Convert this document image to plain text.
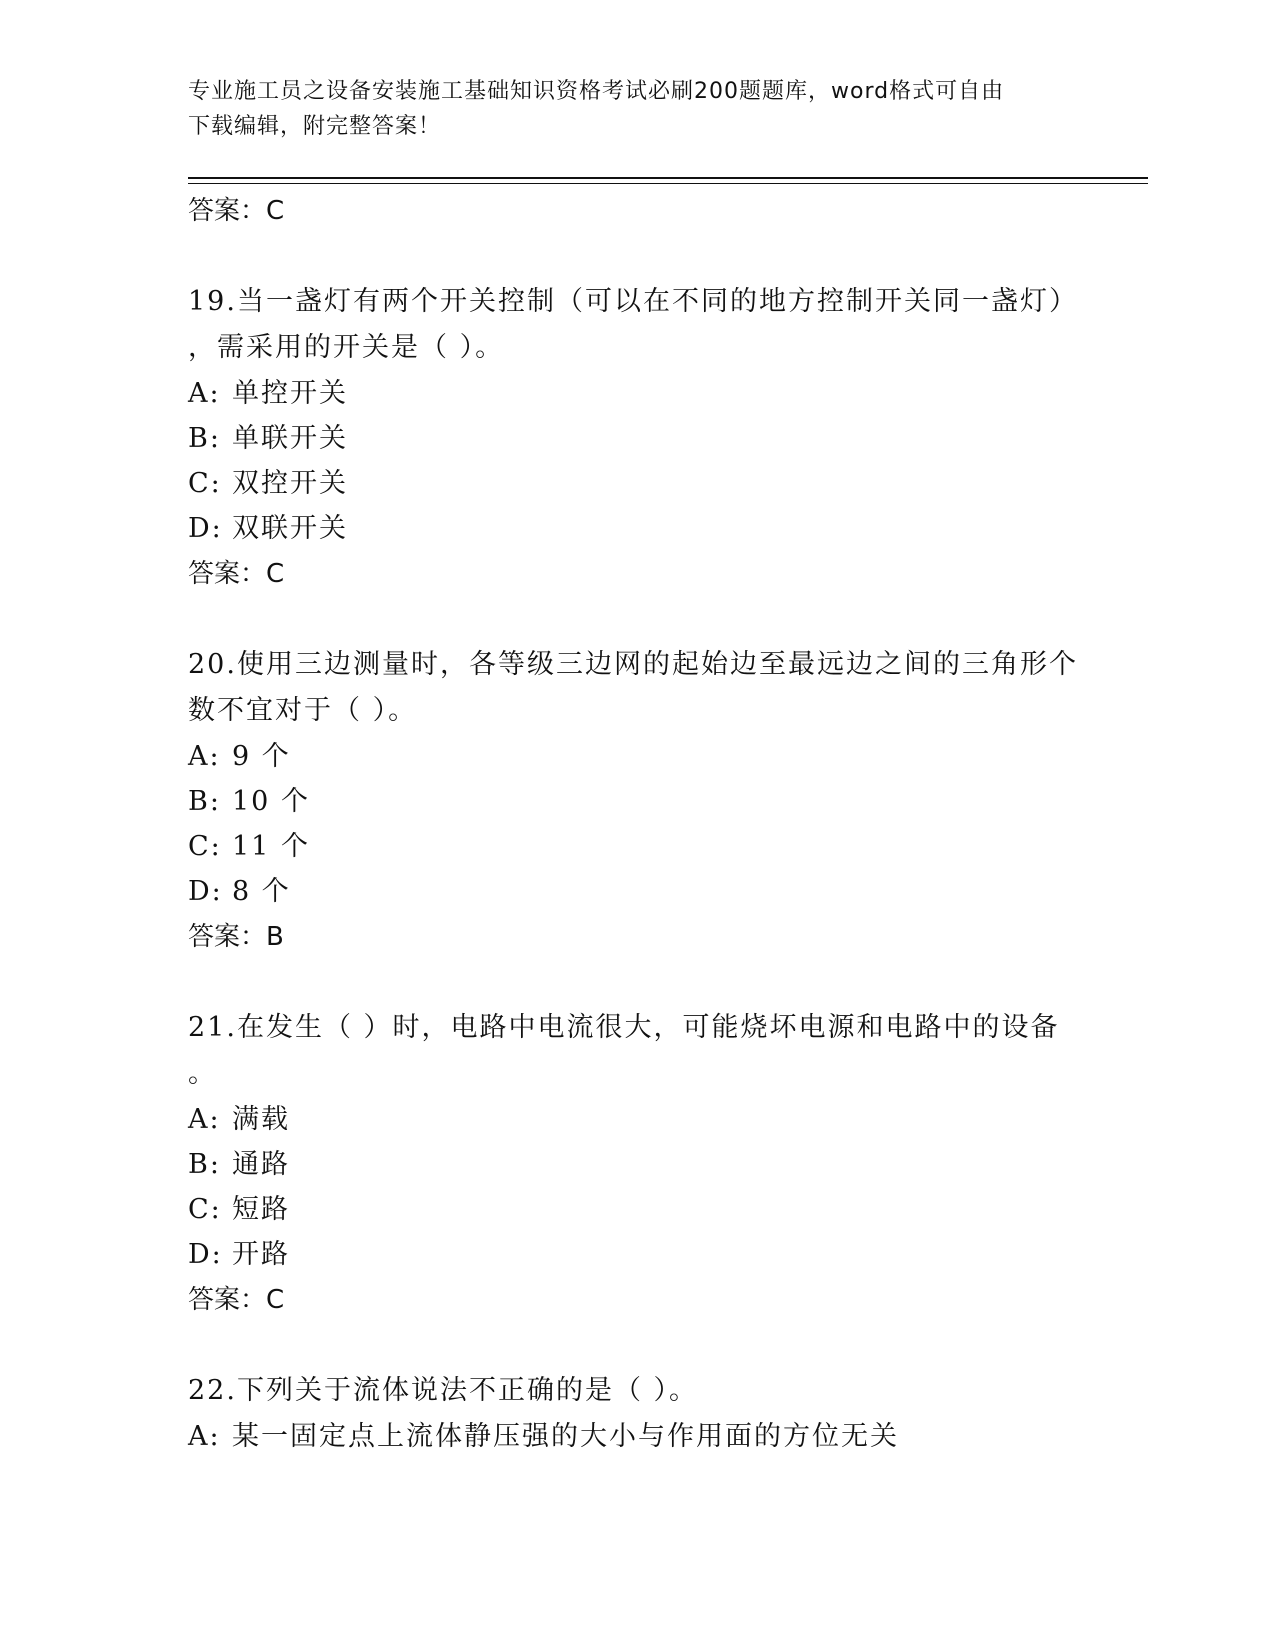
专业施工员之设备安装施工基础知识资格考试必刷200题题库，word格式可自由
下载编辑，附完整答案！
答案：C
19.当一盏灯有两个开关控制（可以在不同的地方控制开关同一盏灯）
，需采用的开关是（ ）。
A: 单控开关
B: 单联开关
C: 双控开关
D: 双联开关
答案：C
20.使用三边测量时，各等级三边网的起始边至最远边之间的三角形个
数不宜对于（ ）。
A: 9 个
B: 10 个
C: 11 个
D: 8 个
答案：B
21.在发生（ ）时，电路中电流很大，可能烧坏电源和电路中的设备
。
A: 满载
B: 通路
C: 短路
D: 开路
答案：C
22.下列关于流体说法不正确的是（ ）。
A: 某一固定点上流体静压强的大小与作用面的方位无关
